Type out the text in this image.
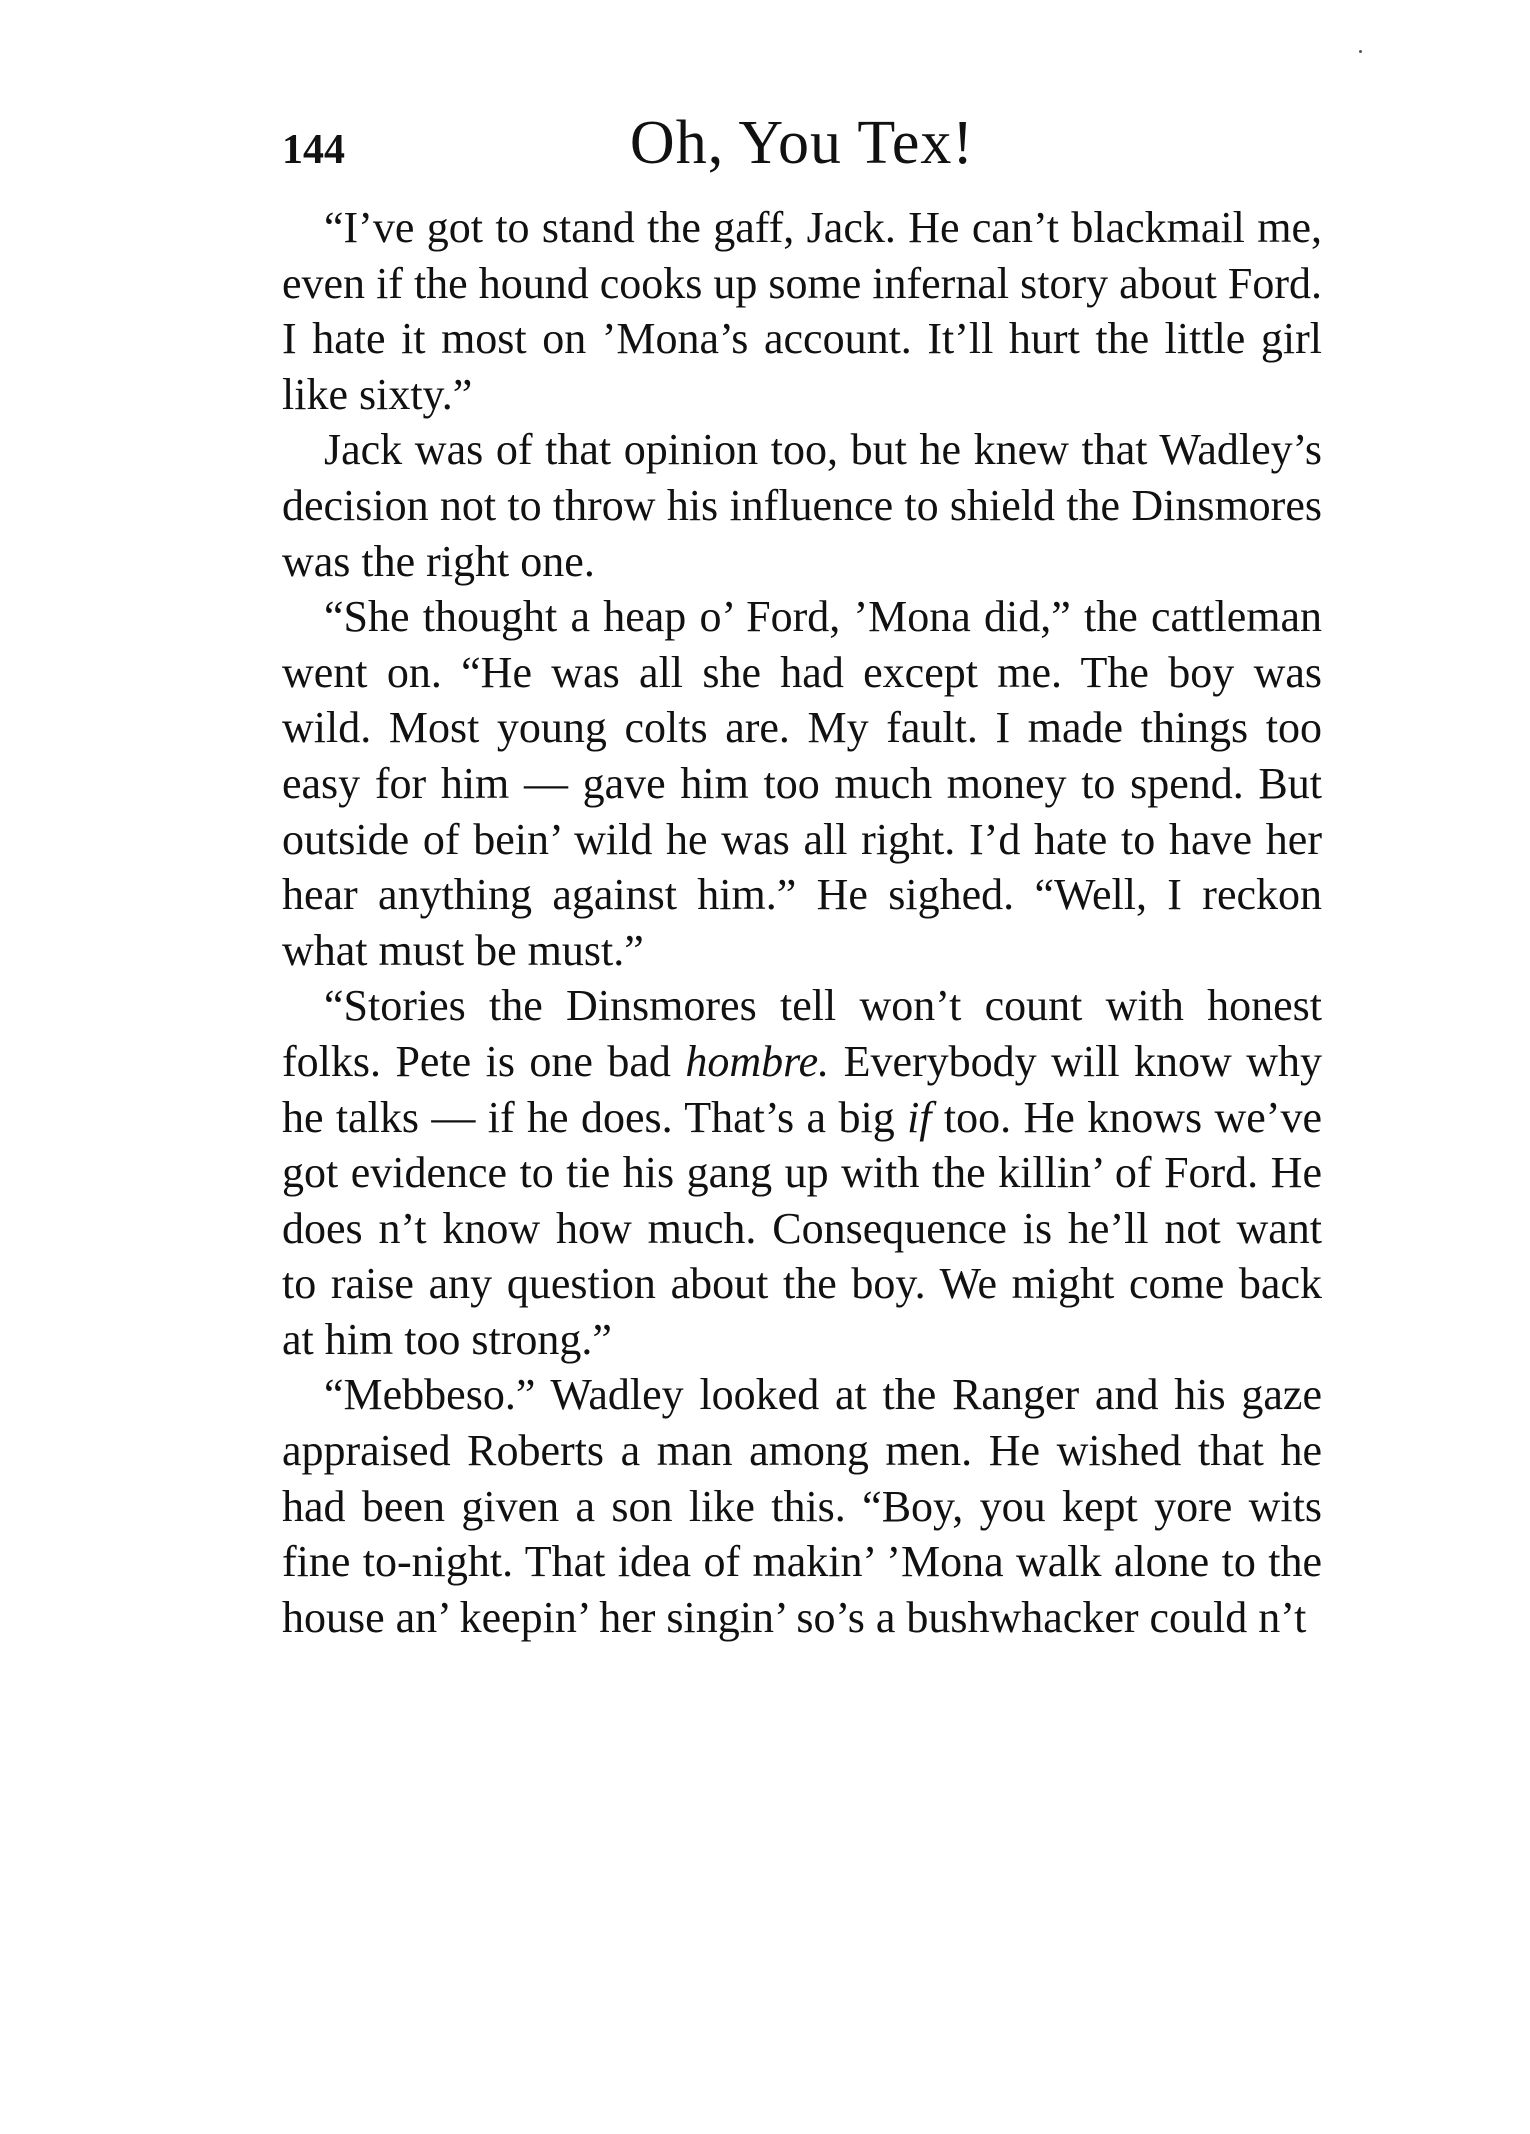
144	Oh, You Tex!

“I’ve got to stand the gaff, Jack. He can’t blackmail me, even if the hound cooks up some infernal story about Ford. I hate it most on ’Mona’s account. It’ll hurt the little girl like sixty.”

Jack was of that opinion too, but he knew that Wadley’s decision not to throw his influence to shield the Dinsmores was the right one.

“She thought a heap o’ Ford, ’Mona did,” the cattleman went on. “He was all she had except me. The boy was wild. Most young colts are. My fault. I made things too easy for him — gave him too much money to spend. But outside of bein’ wild he was all right. I’d hate to have her hear anything against him.” He sighed. “Well, I reckon what must be must.”

“Stories the Dinsmores tell won’t count with honest folks. Pete is one bad hombre. Everybody will know why he talks — if he does. That’s a big if too. He knows we’ve got evidence to tie his gang up with the killin’ of Ford. He does n’t know how much. Consequence is he’ll not want to raise any question about the boy. We might come back at him too strong.”

“Mebbeso.” Wadley looked at the Ranger and his gaze appraised Roberts a man among men. He wished that he had been given a son like this. “Boy, you kept yore wits fine to-night. That idea of makin’ ’Mona walk alone to the house an’ keepin’ her singin’ so’s a bushwhacker could n’t
